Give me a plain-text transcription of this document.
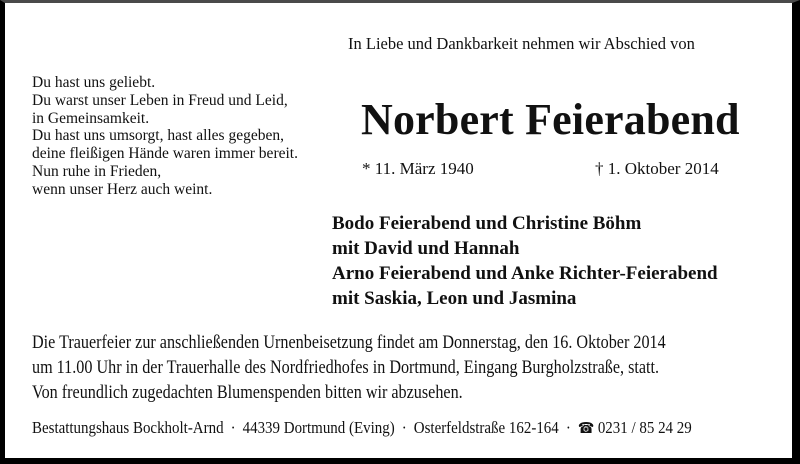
In Liebe und Dankbarkeit nehmen wir Abschied von
Du hast uns geliebt.
Du warst unser Leben in Freud und Leid,
in Gemeinsamkeit.
Du hast uns umsorgt, hast alles gegeben,
deine fleißigen Hände waren immer bereit.
Nun ruhe in Frieden,
wenn unser Herz auch weint.
Norbert Feierabend
* 11. März 1940	† 1. Oktober 2014
Bodo Feierabend und Christine Böhm
mit David und Hannah
Arno Feierabend und Anke Richter-Feierabend
mit Saskia, Leon und Jasmina
Die Trauerfeier zur anschließenden Urnenbeisetzung findet am Donnerstag, den 16. Oktober 2014
um 11.00 Uhr in der Trauerhalle des Nordfriedhofes in Dortmund, Eingang Burgholzstraße, statt.
Von freundlich zugedachten Blumenspenden bitten wir abzusehen.
Bestattungshaus Bockholt-Arnd · 44339 Dortmund (Eving) · Osterfeldstraße 162-164 · ☎ 0231 / 85 24 29
